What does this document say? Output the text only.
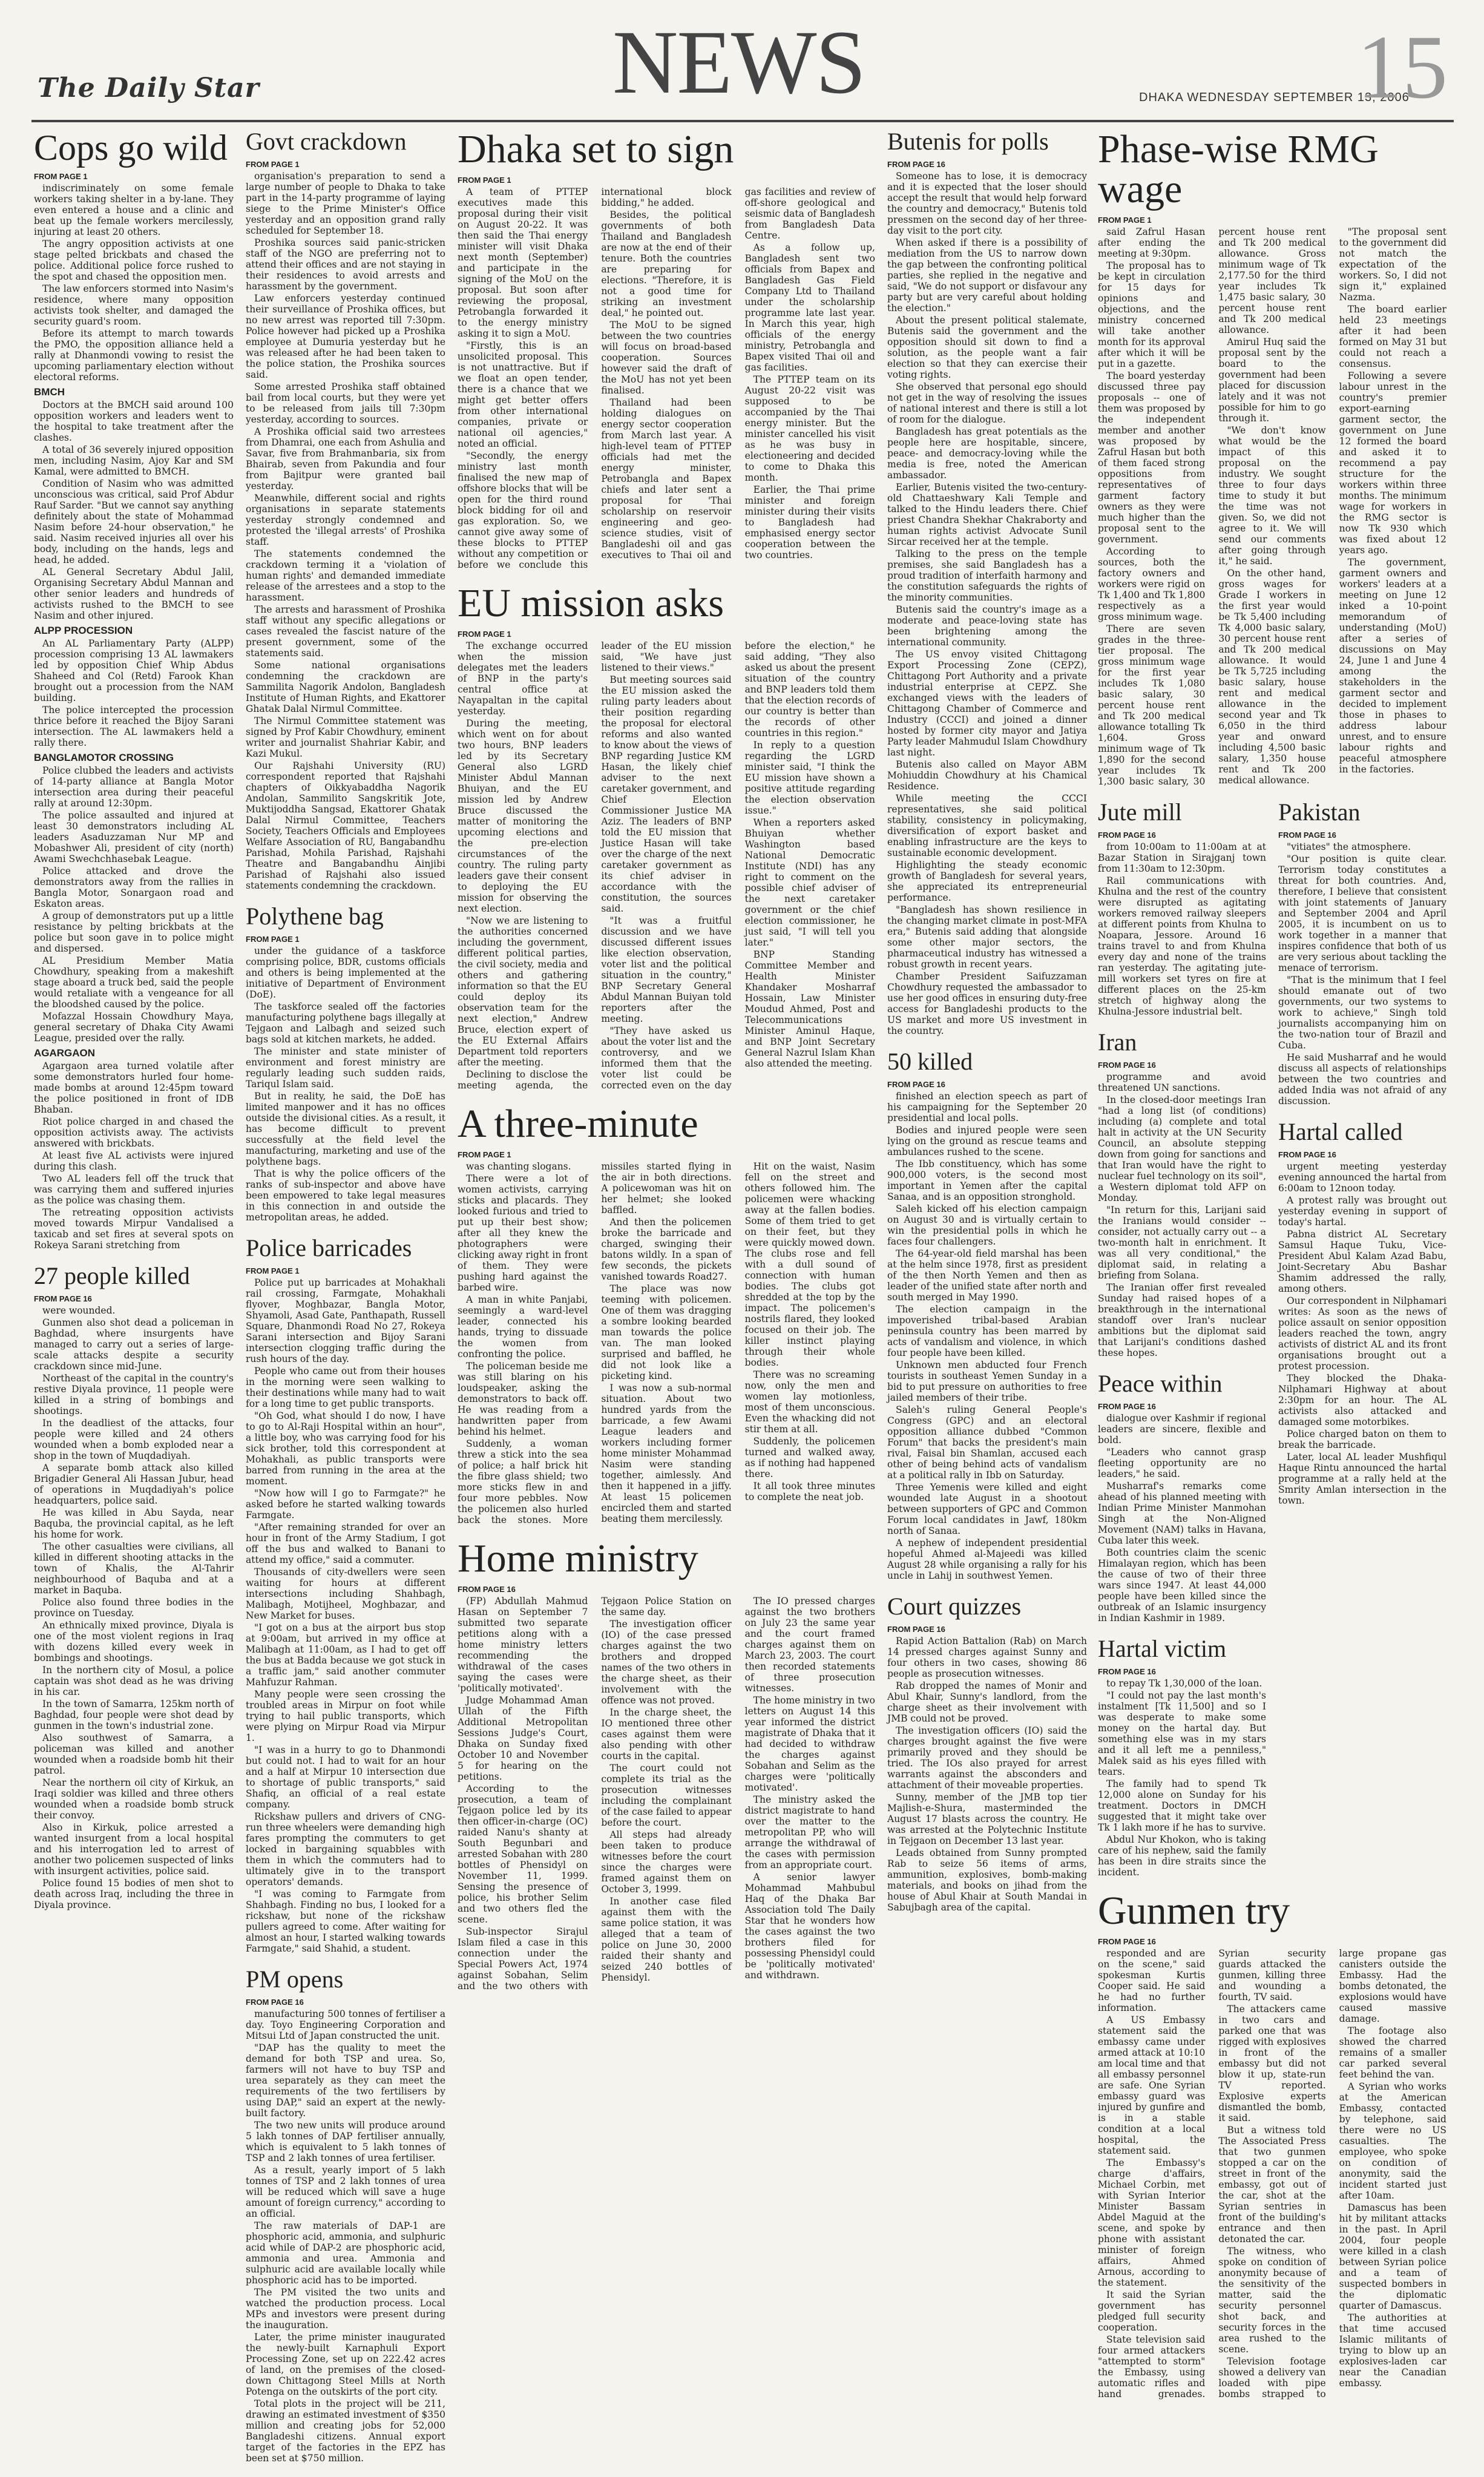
The Daily Star	NEWS	DHAKA WEDNESDAY SEPTEMBER 13, 2006
15
Cops go wild
FROM PAGE 1

indiscriminately on some female workers taking shelter in a by-lane. They even entered a house and a clinic and beat up the female workers mercilessly, injuring at least 20 others.

The angry opposition activists at one stage pelted brickbats and chased the police. Additional police force rushed to the spot and chased the opposition men.

The law enforcers stormed into Nasim's residence, where many opposition activists took shelter, and damaged the security guard's room.

Before its attempt to march towards the PMO, the opposition alliance held a rally at Dhanmondi vowing to resist the upcoming parliamentary election without electoral reforms.

BMCH

Doctors at the BMCH said around 100 opposition workers and leaders went to the hospital to take treatment after the clashes.

A total of 36 severely injured opposition men, including Nasim, Ajoy Kar and SM Kamal, were admitted to BMCH.

Condition of Nasim who was admitted unconscious was critical, said Prof Abdur Rauf Sarder. "But we cannot say anything definitely about the state of Mohammad Nasim before 24-hour observation," he said. Nasim received injuries all over his body, including on the hands, legs and head, he added.

AL General Secretary Abdul Jalil, Organising Secretary Abdul Mannan and other senior leaders and hundreds of activists rushed to the BMCH to see Nasim and other injured.

ALPP PROCESSION

An AL Parliamentary Party (ALPP) procession comprising 13 AL lawmakers led by opposition Chief Whip Abdus Shaheed and Col (Retd) Farook Khan brought out a procession from the NAM building.

The police intercepted the procession thrice before it reached the Bijoy Sarani intersection. The AL lawmakers held a rally there.

BANGLAMOTOR CROSSING

Police clubbed the leaders and activists of 14-party alliance at Bangla Motor intersection area during their peaceful rally at around 12:30pm.

The police assaulted and injured at least 30 demonstrators including AL leaders Asaduzzaman Nur MP and Mobashwer Ali, president of city (north) Awami Swechchhasebak League.

Police attacked and drove the demonstrators away from the rallies in Bangla Motor, Sonargaon road and Eskaton areas.

A group of demonstrators put up a little resistance by pelting brickbats at the police but soon gave in to police might and dispersed.

AL Presidium Member Matia Chowdhury, speaking from a makeshift stage aboard a truck bed, said the people would retaliate with a vengeance for all the bloodshed caused by the police.

Mofazzal Hossain Chowdhury Maya, general secretary of Dhaka City Awami League, presided over the rally.

AGARGAON

Agargaon area turned volatile after some demonstrators hurled four home-made bombs at around 12:45pm toward the police positioned in front of IDB Bhaban.

Riot police charged in and chased the opposition activists away. The activists answered with brickbats.

At least five AL activists were injured during this clash.

Two AL leaders fell off the truck that was carrying them and suffered injuries as the police was chasing them.

The retreating opposition activists moved towards Mirpur Vandalised a taxicab and set fires at several spots on Rokeya Sarani stretching from

27 people killed
FROM PAGE 16

were wounded.

Gunmen also shot dead a policeman in Baghdad, where insurgents have managed to carry out a series of large-scale attacks despite a security crackdown since mid-June.

Northeast of the capital in the country's restive Diyala province, 11 people were killed in a string of bombings and shootings.

In the deadliest of the attacks, four people were killed and 24 others wounded when a bomb exploded near a shop in the town of Muqdadiyah.

A separate bomb attack also killed Brigadier General Ali Hassan Jubur, head of operations in Muqdadiyah's police headquarters, police said.

He was killed in Abu Sayda, near Baquba, the provincial capital, as he left his home for work.

The other casualties were civilians, all killed in different shooting attacks in the town of Khalis, the Al-Tahrir neighbourhood of Baquba and at a market in Baquba.

Police also found three bodies in the province on Tuesday.

An ethnically mixed province, Diyala is one of the most violent regions in Iraq with dozens killed every week in bombings and shootings.

In the northern city of Mosul, a police captain was shot dead as he was driving in his car.

In the town of Samarra, 125km north of Baghdad, four people were shot dead by gunmen in the town's industrial zone.

Also southwest of Samarra, a policeman was killed and another wounded when a roadside bomb hit their patrol.

Near the northern oil city of Kirkuk, an Iraqi soldier was killed and three others wounded when a roadside bomb struck their convoy.

Also in Kirkuk, police arrested a wanted insurgent from a local hospital and his interrogation led to arrest of another two policemen suspected of links with insurgent activities, police said.

Police found 15 bodies of men shot to death across Iraq, including the three in Diyala province.

Govt crackdown
FROM PAGE 1

organisation's preparation to send a large number of people to Dhaka to take part in the 14-party programme of laying siege to the Prime Minister's Office yesterday and an opposition grand rally scheduled for September 18.

Proshika sources said panic-stricken staff of the NGO are preferring not to attend their offices and are not staying in their residences to avoid arrests and harassment by the government.

Law enforcers yesterday continued their surveillance of Proshika offices, but no new arrest was reported till 7:30pm. Police however had picked up a Proshika employee at Dumuria yesterday but he was released after he had been taken to the police station, the Proshika sources said.

Some arrested Proshika staff obtained bail from local courts, but they were yet to be released from jails till 7:30pm yesterday, according to sources.

A Proshika official said two arrestees from Dhamrai, one each from Ashulia and Savar, five from Brahmanbaria, six from Bhairab, seven from Pakundia and four from Bajitpur were granted bail yesterday.

Meanwhile, different social and rights organisations in separate statements yesterday strongly condemned and protested the 'illegal arrests' of Proshika staff.

The statements condemned the crackdown terming it a 'violation of human rights' and demanded immediate release of the arrestees and a stop to the harassment.

The arrests and harassment of Proshika staff without any specific allegations or cases revealed the fascist nature of the present government, some of the statements said.

Some national organisations condemning the crackdown are Sammilita Nagorik Andolon, Bangladesh Institute of Human Rights, and Ekattorer Ghatak Dalal Nirmul Committee.

The Nirmul Committee statement was signed by Prof Kabir Chowdhury, eminent writer and journalist Shahriar Kabir, and Kazi Mukul.

Our Rajshahi University (RU) correspondent reported that Rajshahi chapters of Oikkyabaddha Nagorik Andolan, Sammilito Sangskritik Jote, Muktijoddha Sangsad, Ekattorer Ghatak Dalal Nirmul Committee, Teachers Society, Teachers Officials and Employees Welfare Association of RU, Bangabandhu Parishad, Mohila Parishad, Rajshahi Theatre and Bangabandhu Ainjibi Parishad of Rajshahi also issued statements condemning the crackdown.

Polythene bag
FROM PAGE 1

under the guidance of a taskforce comprising police, BDR, customs officials and others is being implemented at the initiative of Department of Environment (DoE).

The taskforce sealed off the factories manufacturing polythene bags illegally at Tejgaon and Lalbagh and seized such bags sold at kitchen markets, he added.

The minister and state minister of environment and forest ministry are regularly leading such sudden raids, Tariqul Islam said.

But in reality, he said, the DoE has limited manpower and it has no offices outside the divisional cities. As a result, it has become difficult to prevent successfully at the field level the manufacturing, marketing and use of the polythene bags.

That is why the police officers of the ranks of sub-inspector and above have been empowered to take legal measures in this connection in and outside the metropolitan areas, he added.

Police barricades
FROM PAGE 1

Police put up barricades at Mohakhali rail crossing, Farmgate, Mohakhali flyover, Moghbazar, Bangla Motor, Shyamoli, Asad Gate, Panthapath, Russell Square, Dhanmondi Road No 27, Rokeya Sarani intersection and Bijoy Sarani intersection clogging traffic during the rush hours of the day.

People who came out from their houses in the morning were seen walking to their destinations while many had to wait for a long time to get public transports.

"Oh God, what should I do now, I have to go to Al-Raji Hospital within an hour", a little boy, who was carrying food for his sick brother, told this correspondent at Mohakhali, as public transports were barred from running in the area at the moment.

"Now how will I go to Farmgate?" he asked before he started walking towards Farmgate.

"After remaining stranded for over an hour in front of the Army Stadium, I got off the bus and walked to Banani to attend my office," said a commuter.

Thousands of city-dwellers were seen waiting for hours at different intersections including Shahbagh, Malibagh, Motijheel, Moghbazar, and New Market for buses.

"I got on a bus at the airport bus stop at 9:00am, but arrived in my office at Malibagh at 11:00am, as I had to get off the bus at Badda because we got stuck in a traffic jam," said another commuter Mahfuzur Rahman.

Many people were seen crossing the troubled areas in Mirpur on foot while trying to hail public transports, which were plying on Mirpur Road via Mirpur 1.

"I was in a hurry to go to Dhanmondi but could not. I had to wait for an hour and a half at Mirpur 10 intersection due to shortage of public transports," said Shafiq, an official of a real estate company.

Rickshaw pullers and drivers of CNG-run three wheelers were demanding high fares prompting the commuters to get locked in bargaining squabbles with them in which the commuters had to ultimately give in to the transport operators' demands.

"I was coming to Farmgate from Shahbagh. Finding no bus, I looked for a rickshaw, but none of the rickshaw pullers agreed to come. After waiting for almost an hour, I started walking towards Farmgate," said Shahid, a student.

PM opens
FROM PAGE 16

manufacturing 500 tonnes of fertiliser a day. Toyo Engineering Corporation and Mitsui Ltd of Japan constructed the unit.

"DAP has the quality to meet the demand for both TSP and urea. So, farmers will not have to buy TSP and urea separately as they can meet the requirements of the two fertilisers by using DAP," said an expert at the newly-built factory.

The two new units will produce around 5 lakh tonnes of DAP fertiliser annually, which is equivalent to 5 lakh tonnes of TSP and 2 lakh tonnes of urea fertiliser.

As a result, yearly import of 5 lakh tonnes of TSP and 2 lakh tonnes of urea will be reduced which will save a huge amount of foreign currency," according to an official.

The raw materials of DAP-1 are phosphoric acid, ammonia, and sulphuric acid while of DAP-2 are phosphoric acid, ammonia and urea. Ammonia and sulphuric acid are available locally while phosphoric acid has to be imported.

The PM visited the two units and watched the production process. Local MPs and investors were present during the inauguration.

Later, the prime minister inaugurated the newly-built Karnaphuli Export Processing Zone, set up on 222.42 acres of land, on the premises of the closed-down Chittagong Steel Mills at North Potenga on the outskirts of the port city.

Total plots in the project will be 211, drawing an estimated investment of $350 million and creating jobs for 52,000 Bangladeshi citizens. Annual export target of the factories in the EPZ has been set at $750 million.

Dhaka set to sign
FROM PAGE 1

A team of PTTEP executives made this proposal during their visit on August 20-22. It was then said the Thai energy minister will visit Dhaka next month (September) and participate in the signing of the MoU on the proposal. But soon after reviewing the proposal, Petrobangla forwarded it to the energy ministry asking it to sign a MoU.

"Firstly, this is an unsolicited proposal. This is not unattractive. But if we float an open tender, there is a chance that we might get better offers from other international companies, private or national oil agencies," noted an official.

"Secondly, the energy ministry last month finalised the new map of offshore blocks that will be open for the third round block bidding for oil and gas exploration. So, we cannot give away some of these blocks to PTTEP without any competition or before we conclude this international block bidding," he added.

Besides, the political governments of both Thailand and Bangladesh are now at the end of their tenure. Both the countries are preparing for elections. "Therefore, it is not a good time for striking an investment deal," he pointed out.

The MoU to be signed between the two countries will focus on broad-based cooperation. Sources however said the draft of the MoU has not yet been finalised.

Thailand had been holding dialogues on energy sector cooperation from March last year. A high-level team of PTTEP officials had met the energy minister, Petrobangla and Bapex chiefs and later sent a proposal for 'Thai scholarship on reservoir engineering and geo-science studies, visit of Bangladeshi oil and gas executives to Thai oil and gas facilities and review of off-shore geological and seismic data of Bangladesh from Bangladesh Data Centre.

As a follow up, Bangladesh sent two officials from Bapex and Bangladesh Gas Field Company Ltd to Thailand under the scholarship programme late last year. In March this year, high officials of the energy ministry, Petrobangla and Bapex visited Thai oil and gas facilities.

The PTTEP team on its August 20-22 visit was supposed to be accompanied by the Thai energy minister. But the minister cancelled his visit as he was busy in electioneering and decided to come to Dhaka this month.

Earlier, the Thai prime minister and foreign minister during their visits to Bangladesh had emphasised energy sector cooperation between the two countries.

EU mission asks
FROM PAGE 1

The exchange occurred when the mission delegates met the leaders of BNP in the party's central office at Nayapaltan in the capital yesterday.

During the meeting, which went on for about two hours, BNP leaders led by its Secretary General also LGRD Minister Abdul Mannan Bhuiyan, and the EU mission led by Andrew Bruce discussed the matter of monitoring the upcoming elections and the pre-election circumstances of the country. The ruling party leaders gave their consent to deploying the EU mission for observing the next election.

"Now we are listening to the authorities concerned including the government, different political parties, the civil society, media and others and gathering information so that the EU could deploy its observation team for the next election," Andrew Bruce, election expert of the EU External Affairs Department told reporters after the meeting.

Declining to disclose the meeting agenda, the leader of the EU mission said, "We have just listened to their views."

But meeting sources said the EU mission asked the ruling party leaders about their position regarding the proposal for electoral reforms and also wanted to know about the views of BNP regarding Justice KM Hasan, the likely chief adviser to the next caretaker government, and Chief Election Commissioner Justice MA Aziz. The leaders of BNP told the EU mission that Justice Hasan will take over the charge of the next caretaker government as its chief adviser in accordance with the constitution, the sources said.

"It was a fruitful discussion and we have discussed different issues like election observation, voter list and the political situation in the country," BNP Secretary General Abdul Mannan Buiyan told reporters after the meeting.

"They have asked us about the voter list and the controversy, and we informed them that the voter list could be corrected even on the day before the election," he said adding, "They also asked us about the present situation of the country and BNP leaders told them that the election records of our country is better than the records of other countries in this region."

In reply to a question regarding the LGRD minister said, "I think the EU mission have shown a positive attitude regarding the election observation issue."

When a reporters asked Bhuiyan whether Washington based National Democratic Institute (NDI) has any right to comment on the possible chief adviser of the next caretaker government or the chief election commissioner, he just said, "I will tell you later."

BNP Standing Committee Member and Health Minister Khandaker Mosharraf Hossain, Law Minister Moudud Ahmed, Post and Telecommunications Minister Aminul Haque, and BNP Joint Secretary General Nazrul Islam Khan also attended the meeting.

A three-minute
FROM PAGE 1

was chanting slogans.

There were a lot of women activists, carrying sticks and placards. They looked furious and tried to put up their best show; after all they knew the photographers were clicking away right in front of them. They were pushing hard against the barbed wire.

A man in white Panjabi, seemingly a ward-level leader, connected his hands, trying to dissuade the women from confronting the police.

The policeman beside me was still blaring on his loudspeaker, asking the demonstrators to back off. He was reading from a handwritten paper from behind his helmet.

Suddenly, a woman threw a stick into the sea of police; a half brick hit the fibre glass shield; two more sticks flew in and four more pebbles. Now the policemen also hurled back the stones. More missiles started flying in the air in both directions. A policewoman was hit on her helmet; she looked baffled.

And then the policemen broke the barricade and charged, swinging their batons wildly. In a span of few seconds, the pickets vanished towards Road27.

The place was now teeming with policemen. One of them was dragging a sombre looking bearded man towards the police van. The man looked surprised and baffled, he did not look like a picketing kind.

I was now a sub-normal situation. About two hundred yards from the barricade, a few Awami League leaders and workers including former home minister Mohammad Nasim were standing together, aimlessly. And then it happened in a jiffy. At least 15 policemen encircled them and started beating them mercilessly.

Hit on the waist, Nasim fell on the street and others followed him. The policemen were whacking away at the fallen bodies. Some of them tried to get on their feet, but they were quickly mowed down. The clubs rose and fell with a dull sound of connection with human bodies. The clubs got shredded at the top by the impact. The policemen's nostrils flared, they looked focused on their job. The killer instinct playing through their whole bodies.

There was no screaming now, only the men and women lay motionless, most of them unconscious. Even the whacking did not stir them at all.

Suddenly, the policemen turned and walked away, as if nothing had happened there.

It all took three minutes to complete the neat job.

Home ministry
FROM PAGE 16

(FP) Abdullah Mahmud Hasan on September 7 submitted two separate petitions along with a home ministry letters recommending the withdrawal of the cases saying the cases were 'politically motivated'.

Judge Mohammad Aman Ullah of the Fifth Additional Metropolitan Sessions Judge's Court, Dhaka on Sunday fixed October 10 and November 5 for hearing on the petitions.

According to the prosecution, a team of Tejgaon police led by its then officer-in-charge (OC) raided Nanu's shanty at South Begunbari and arrested Sobahan with 280 bottles of Phensidyl on November 11, 1999. Sensing the presence of police, his brother Selim and two others fled the scene.

Sub-inspector Sirajul Islam filed a case in this connection under the Special Powers Act, 1974 against Sobahan, Selim and the two others with Tejgaon Police Station on the same day.

The investigation officer (IO) of the case pressed charges against the two brothers and dropped names of the two others in the charge sheet, as their involvement with the offence was not proved.

In the charge sheet, the IO mentioned three other cases against them were also pending with other courts in the capital.

The court could not complete its trial as the prosecution witnesses including the complainant of the case failed to appear before the court.

All steps had already been taken to produce witnesses before the court since the charges were framed against them on October 3, 1999.

In another case filed against them with the same police station, it was alleged that a team of police on June 30, 2000 raided their shanty and seized 240 bottles of Phensidyl.

The IO pressed charges against the two brothers on July 23 the same year and the court framed charges against them on March 23, 2003. The court then recorded statements of three prosecution witnesses.

The home ministry in two letters on August 14 this year informed the district magistrate of Dhaka that it had decided to withdraw the charges against Sobahan and Selim as the charges were 'politically motivated'.

The ministry asked the district magistrate to hand over the matter to the metropolitan PP, who will arrange the withdrawal of the cases with permission from an appropriate court.

A senior lawyer Mohammad Mahbubul Haq of the Dhaka Bar Association told The Daily Star that he wonders how the cases against the two brothers filed for possessing Phensidyl could be 'politically motivated' and withdrawn.

Butenis for polls
FROM PAGE 16

Someone has to lose, it is democracy and it is expected that the loser should accept the result that would help forward the country and democracy," Butenis told pressmen on the second day of her three-day visit to the port city.

When asked if there is a possibility of mediation from the US to narrow down the gap between the confronting political parties, she replied in the negative and said, "We do not support or disfavour any party but are very careful about holding the election."

About the present political stalemate, Butenis said the government and the opposition should sit down to find a solution, as the people want a fair election so that they can exercise their voting rights.

She observed that personal ego should not get in the way of resolving the issues of national interest and there is still a lot of room for the dialogue.

Bangladesh has great potentials as the people here are hospitable, sincere, peace- and democracy-loving while the media is free, noted the American ambassador.

Earlier, Butenis visited the two-century-old Chattaeshwary Kali Temple and talked to the Hindu leaders there. Chief priest Chandra Shekhar Chakraborty and human rights activist Advocate Sunil Sircar received her at the temple.

Talking to the press on the temple premises, she said Bangladesh has a proud tradition of interfaith harmony and the constitution safeguards the rights of the minority communities.

Butenis said the country's image as a moderate and peace-loving state has been brightening among the international community.

The US envoy visited Chittagong Export Processing Zone (CEPZ), Chittagong Port Authority and a private industrial enterprise at CEPZ. She exchanged views with the leaders of Chittagong Chamber of Commerce and Industry (CCCI) and joined a dinner hosted by former city mayor and Jatiya Party leader Mahmudul Islam Chowdhury last night.

Butenis also called on Mayor ABM Mohiuddin Chowdhury at his Chamical Residence.

While meeting the CCCI representatives, she said political stability, consistency in policymaking, diversification of export basket and enabling infrastructure are the keys to sustainable economic development.

Highlighting the steady economic growth of Bangladesh for several years, she appreciated its entrepreneurial performance.

"Bangladesh has shown resilience in the changing market climate in post-MFA era," Butenis said adding that alongside some other major sectors, the pharmaceutical industry has witnessed a robust growth in recent years.

Chamber President Saifuzzaman Chowdhury requested the ambassador to use her good offices in ensuring duty-free access for Bangladeshi products to the US market and more US investment in the country.

50 killed
FROM PAGE 16

finished an election speech as part of his campaigning for the September 20 presidential and local polls.

Bodies and injured people were seen lying on the ground as rescue teams and ambulances rushed to the scene.

The Ibb constituency, which has some 900,000 voters, is the second most important in Yemen after the capital Sanaa, and is an opposition stronghold.

Saleh kicked off his election campaign on August 30 and is virtually certain to win the presidential polls in which he faces four challengers.

The 64-year-old field marshal has been at the helm since 1978, first as president of the then North Yemen and then as leader of the unified state after north and south merged in May 1990.

The election campaign in the impoverished tribal-based Arabian peninsula country has been marred by acts of vandalism and violence, in which four people have been killed.

Unknown men abducted four French tourists in southeast Yemen Sunday in a bid to put pressure on authorities to free jailed members of their tribe.

Saleh's ruling General People's Congress (GPC) and an electoral opposition alliance dubbed "Common Forum" that backs the president's main rival, Faisal bin Shamlan, accused each other of being behind acts of vandalism at a political rally in Ibb on Saturday.

Three Yemenis were killed and eight wounded late August in a shootout between supporters of GPC and Common Forum local candidates in Jawf, 180km north of Sanaa.

A nephew of independent presidential hopeful Ahmed al-Majeedi was killed August 28 while organising a rally for his uncle in Lahij in southwest Yemen.

Court quizzes
FROM PAGE 16

Rapid Action Battalion (Rab) on March 14 pressed charges against Sunny and four others in two cases, showing 86 people as prosecution witnesses.

Rab dropped the names of Monir and Abul Khair, Sunny's landlord, from the charge sheet as their involvement with JMB could not be proved.

The investigation officers (IO) said the charges brought against the five were primarily proved and they should be tried. The IOs also prayed for arrest warrants against the absconders and attachment of their moveable properties.

Sunny, member of the JMB top tier Majlish-e-Shura, masterminded the August 17 blasts across the country. He was arrested at the Polytechnic Institute in Tejgaon on December 13 last year.

Leads obtained from Sunny prompted Rab to seize 56 items of arms, ammunition, explosives, bomb-making materials, and books on jihad from the house of Abul Khair at South Mandai in Sabujbagh area of the capital.

Phase-wise RMG wage
FROM PAGE 1

said Zafrul Hasan after ending the meeting at 9:30pm.

The proposal has to be kept in circulation for 15 days for opinions and objections, and the ministry concerned will take another month for its approval after which it will be put in a gazette.

The board yesterday discussed three pay proposals -- one of them was proposed by the independent member and another was proposed by Zafrul Hasan but both of them faced strong oppositions from representatives of garment factory owners as they were much higher than the proposal sent to the government.

According to sources, both the factory owners and workers were rigid on Tk 1,400 and Tk 1,800 respectively as a gross minimum wage.

There are seven grades in the three-tier proposal. The gross minimum wage for the first year includes Tk 1,080 basic salary, 30 percent house rent and Tk 200 medical allowance totalling Tk 1,604. Gross minimum wage of Tk 1,890 for the second year includes Tk 1,300 basic salary, 30 percent house rent and Tk 200 medical allowance. Gross minimum wage of Tk 2,177.50 for the third year includes Tk 1,475 basic salary, 30 percent house rent and Tk 200 medical allowance.

Amirul Huq said the proposal sent by the board to the government had been placed for discussion lately and it was not possible for him to go through it.

"We don't know what would be the impact of this proposal on the industry. We sought three to four days time to study it but the time was not given. So, we did not agree to it. We will send our comments after going through it," he said.

On the other hand, gross wages for Grade I workers in the first year would be Tk 5,400 including Tk 4,000 basic salary, 30 percent house rent and Tk 200 medical allowance. It would be Tk 5,725 including basic salary, house rent and medical allowance in the second year and Tk 6,050 in the third year and onward including 4,500 basic salary, 1,350 house rent and Tk 200 medical allowance.

"The proposal sent to the government did not match the expectation of the workers. So, I did not sign it," explained Nazma.

The board earlier held 23 meetings after it had been formed on May 31 but could not reach a consensus.

Following a severe labour unrest in the country's premier export-earning garment sector, the government on June 12 formed the board and asked it to recommend a pay structure for the workers within three months. The minimum wage for workers in the RMG sector is now Tk 930 which was fixed about 12 years ago.

The government, garment owners and workers' leaders at a meeting on June 12 inked a 10-point memorandum of understanding (MoU) after a series of discussions on May 24, June 1 and June 4 among the stakeholders in the garment sector and decided to implement those in phases to address labour unrest, and to ensure labour rights and peaceful atmosphere in the factories.

Jute mill
FROM PAGE 16

from 10:00am to 11:00am at at Bazar Station in Sirajganj town from 11:30am to 12:30pm.

Rail communications with Khulna and the rest of the country were disrupted as agitating workers removed railway sleepers at different points from Khulna to Noapara, Jessore. Around 16 trains travel to and from Khulna every day and none of the trains ran yesterday. The agitating jute-mill workers set tyres on fire at different places on the 25-km stretch of highway along the Khulna-Jessore industrial belt.

Iran
FROM PAGE 16

programme and avoid threatened UN sanctions.

In the closed-door meetings Iran "had a long list (of conditions) including (a) complete and total halt in activity at the UN Security Council, an absolute stepping down from going for sanctions and that Iran would have the right to nuclear fuel technology on its soil", a Western diplomat told AFP on Monday.

"In return for this, Larijani said the Iranians would consider -- consider, not actually carry out -- a two-month halt in enrichment. It was all very conditional," the diplomat said, in relating a briefing from Solana.

The Iranian offer first revealed Sunday had raised hopes of a breakthrough in the international standoff over Iran's nuclear ambitions but the diplomat said that Larijani's conditions dashed these hopes.

Peace within
FROM PAGE 16

dialogue over Kashmir if regional leaders are sincere, flexible and bold.

"Leaders who cannot grasp fleeting opportunity are no leaders," he said.

Musharraf's remarks come ahead of his planned meeting with Indian Prime Minister Manmohan Singh at the Non-Aligned Movement (NAM) talks in Havana, Cuba later this week.

Both countries claim the scenic Himalayan region, which has been the cause of two of their three wars since 1947. At least 44,000 people have been killed since the outbreak of an Islamic insurgency in Indian Kashmir in 1989.

Hartal victim
FROM PAGE 16

to repay Tk 1,30,000 of the loan.

"I could not pay the last month's instalment [Tk 11,500] and so I was desperate to make some money on the hartal day. But something else was in my stars and it all left me a penniless," Malek said as his eyes filled with tears.

The family had to spend Tk 12,000 alone on Sunday for his treatment. Doctors in DMCH suggested that it might take over Tk 1 lakh more if he has to survive.

Abdul Nur Khokon, who is taking care of his nephew, said the family has been in dire straits since the incident.

Pakistan
FROM PAGE 16

"vitiates" the atmosphere.

"Our position is quite clear. Terrorism today constitutes a threat for both countries. And, therefore, I believe that consistent with joint statements of January and September 2004 and April 2005, it is incumbent on us to work together in a manner that inspires confidence that both of us are very serious about tackling the menace of terrorism.

"That is the minimum that I feel should emanate out of two governments, our two systems to work to achieve," Singh told journalists accompanying him on the two-nation tour of Brazil and Cuba.

He said Musharraf and he would discuss all aspects of relationships between the two countries and added India was not afraid of any discussion.

Hartal called
FROM PAGE 16

urgent meeting yesterday evening announced the hartal from 6:00am to 12noon today.

A protest rally was brought out yesterday evening in support of today's hartal.

Pabna district AL Secretary Samsul Haque Tuku, Vice-President Abul Kalam Azad Babu, Joint-Secretary Abu Bashar Shamim addressed the rally, among others.

Our correspondent in Nilphamari writes: As soon as the news of police assault on senior opposition leaders reached the town, angry activists of district AL and its front organisations brought out a protest procession.

They blocked the Dhaka-Nilphamari Highway at about 2:30pm for an hour. The AL activists also attacked and damaged some motorbikes.

Police charged baton on them to break the barricade.

Later, local AL leader Mushfiqul Haque Rintu announced the hartal programme at a rally held at the Smrity Amlan intersection in the town.

Gunmen try
FROM PAGE 16

responded and are on the scene," said spokesman Kurtis Cooper said. He said he had no further information.

A US Embassy statement said the embassy came under armed attack at 10:10 am local time and that all embassy personnel are safe. One Syrian embassy guard was injured by gunfire and is in a stable condition at a local hospital, the statement said.

The Embassy's charge d'affairs, Michael Corbin, met with Syrian Interior Minister Bassam Abdel Maguid at the scene, and spoke by phone with assistant minister of foreign affairs, Ahmed Arnous, according to the statement.

It said the Syrian government has pledged full security cooperation.

State television said four armed attackers "attempted to storm" the Embassy, using automatic rifles and hand grenades. Syrian security guards attacked the gunmen, killing three and wounding a fourth, TV said.

The attackers came in two cars and parked one that was rigged with explosives in front of the embassy but did not blow it up, state-run TV reported. Explosive experts dismantled the bomb, it said.

But a witness told The Associated Press that two gunmen stopped a car on the street in front of the embassy, got out of the car, shot at the Syrian sentries in front of the building's entrance and then detonated the car.

The witness, who spoke on condition of anonymity because of the sensitivity of the matter, said the security personnel shot back, and security forces in the area rushed to the scene.

Television footage showed a delivery van loaded with pipe bombs strapped to large propane gas canisters outside the Embassy. Had the bombs detonated, the explosions would have caused massive damage.

The footage also showed the charred remains of a smaller car parked several feet behind the van.

A Syrian who works at the American Embassy, contacted by telephone, said there were no US casualties. The employee, who spoke on condition of anonymity, said the incident started just after 10am.

Damascus has been hit by militant attacks in the past. In April 2004, four people were killed in a clash between Syrian police and a team of suspected bombers in the diplomatic quarter of Damascus.

The authorities at that time accused Islamic militants of trying to blow up an explosives-laden car near the Canadian embassy.
